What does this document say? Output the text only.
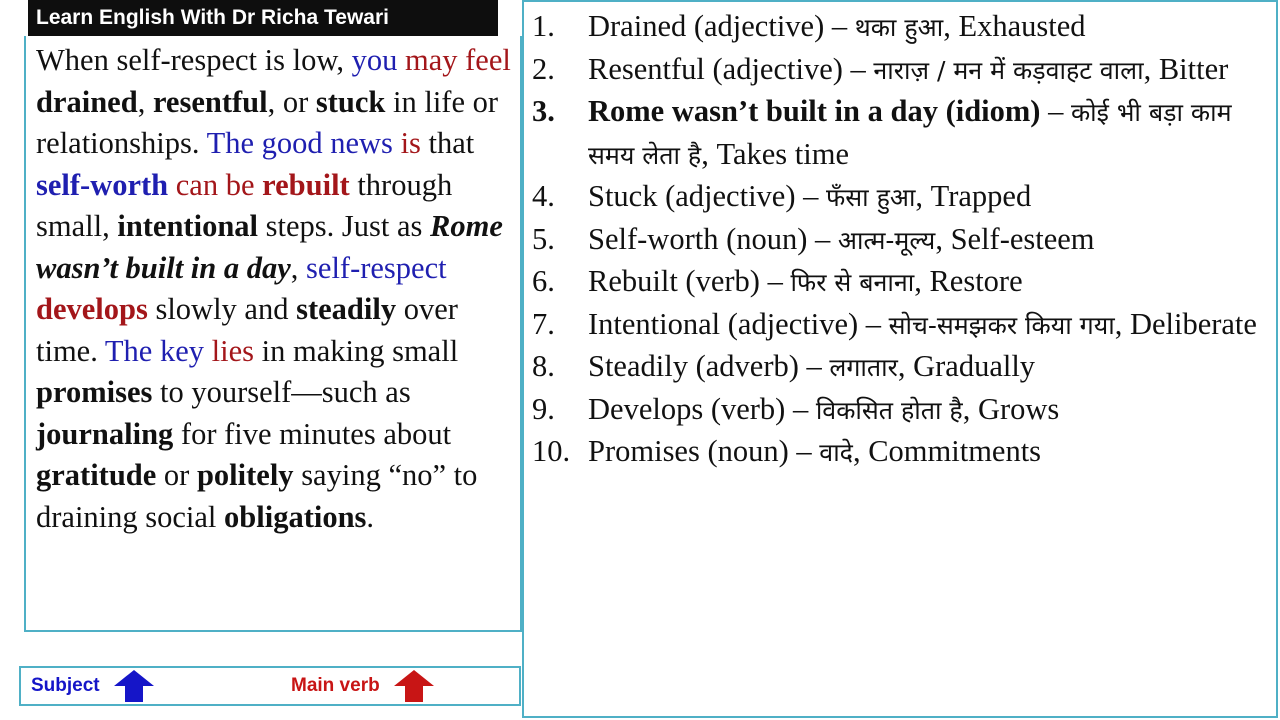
Learn English With Dr Richa Tewari
When self-respect is low, you may feel drained, resentful, or stuck in life or relationships. The good news is that self-worth can be rebuilt through small, intentional steps. Just as Rome wasn’t built in a day, self-respect develops slowly and steadily over time. The key lies in making small promises to yourself—such as journaling for five minutes about gratitude or politely saying “no” to draining social obligations.
Subject	Main verb
1.	Drained (adjective) – थका हुआ, Exhausted
2.	Resentful (adjective) – नाराज़ / मन में कड़वाहट वाला, Bitter
3.	Rome wasn’t built in a day (idiom) – कोई भी बड़ा काम समय लेता है, Takes time
4.	Stuck (adjective) – फँसा हुआ, Trapped
5.	Self-worth (noun) – आत्म-मूल्य, Self-esteem
6.	Rebuilt (verb) – फिर से बनाना, Restore
7.	Intentional (adjective) – सोच-समझकर किया गया, Deliberate
8.	Steadily (adverb) – लगातार, Gradually
9.	Develops (verb) – विकसित होता है, Grows
10. Promises (noun) – वादे, Commitments
